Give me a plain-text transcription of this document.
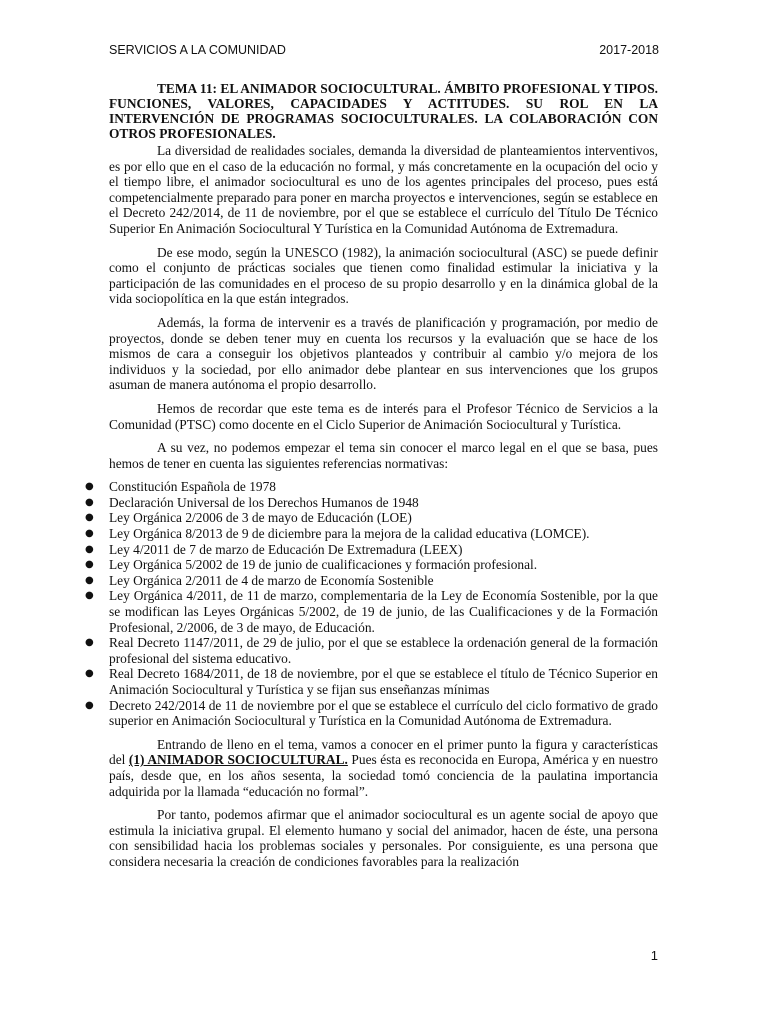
SERVICIOS A LA COMUNIDAD	2017-2018

TEMA 11: EL ANIMADOR SOCIOCULTURAL. ÁMBITO PROFESIONAL Y TIPOS. FUNCIONES, VALORES, CAPACIDADES Y ACTITUDES. SU ROL EN LA INTERVENCIÓN DE PROGRAMAS SOCIOCULTURALES. LA COLABORACIÓN CON OTROS PROFESIONALES.

La diversidad de realidades sociales, demanda la diversidad de planteamientos interventivos, es por ello que en el caso de la educación no formal, y más concretamente en la ocupación del ocio y el tiempo libre, el animador sociocultural es uno de los agentes principales del proceso, pues está competencialmente preparado para poner en marcha proyectos e intervenciones, según se establece en el Decreto 242/2014, de 11 de noviembre, por el que se establece el currículo del Título De Técnico Superior En Animación Sociocultural Y Turística en la Comunidad Autónoma de Extremadura.

De ese modo, según la UNESCO (1982), la animación sociocultural (ASC) se puede definir como el conjunto de prácticas sociales que tienen como finalidad estimular la iniciativa y la participación de las comunidades en el proceso de su propio desarrollo y en la dinámica global de la vida sociopolítica en la que están integrados.

Además, la forma de intervenir es a través de planificación y programación, por medio de proyectos, donde se deben tener muy en cuenta los recursos y la evaluación que se hace de los mismos de cara a conseguir los objetivos planteados y contribuir al cambio y/o mejora de los individuos y la sociedad, por ello animador debe plantear en sus intervenciones que los grupos asuman de manera autónoma el propio desarrollo.

Hemos de recordar que este tema es de interés para el Profesor Técnico de Servicios a la Comunidad (PTSC) como docente en el Ciclo Superior de Animación Sociocultural y Turística.

A su vez, no podemos empezar el tema sin conocer el marco legal en el que se basa, pues hemos de tener en cuenta las siguientes referencias normativas:

● Constitución Española de 1978
● Declaración Universal de los Derechos Humanos de 1948
● Ley Orgánica 2/2006 de 3 de mayo de Educación (LOE)
● Ley Orgánica 8/2013 de 9 de diciembre para la mejora de la calidad educativa (LOMCE).
● Ley 4/2011 de 7 de marzo de Educación De Extremadura (LEEX)
● Ley Orgánica 5/2002 de 19 de junio de cualificaciones y formación profesional.
● Ley Orgánica 2/2011 de 4 de marzo de Economía Sostenible
● Ley Orgánica 4/2011, de 11 de marzo, complementaria de la Ley de Economía Sostenible, por la que se modifican las Leyes Orgánicas 5/2002, de 19 de junio, de las Cualificaciones y de la Formación Profesional, 2/2006, de 3 de mayo, de Educación.
● Real Decreto 1147/2011, de 29 de julio, por el que se establece la ordenación general de la formación profesional del sistema educativo.
● Real Decreto 1684/2011, de 18 de noviembre, por el que se establece el título de Técnico Superior en Animación Sociocultural y Turística y se fijan sus enseñanzas mínimas
● Decreto 242/2014 de 11 de noviembre por el que se establece el currículo del ciclo formativo de grado superior en Animación Sociocultural y Turística en la Comunidad Autónoma de Extremadura.

Entrando de lleno en el tema, vamos a conocer en el primer punto la figura y características del (1) ANIMADOR SOCIOCULTURAL. Pues ésta es reconocida en Europa, América y en nuestro país, desde que, en los años sesenta, la sociedad tomó conciencia de la paulatina importancia adquirida por la llamada “educación no formal”.

Por tanto, podemos afirmar que el animador sociocultural es un agente social de apoyo que estimula la iniciativa grupal. El elemento humano y social del animador, hacen de éste, una persona con sensibilidad hacia los problemas sociales y personales. Por consiguiente, es una persona que considera necesaria la creación de condiciones favorables para la realización

1
